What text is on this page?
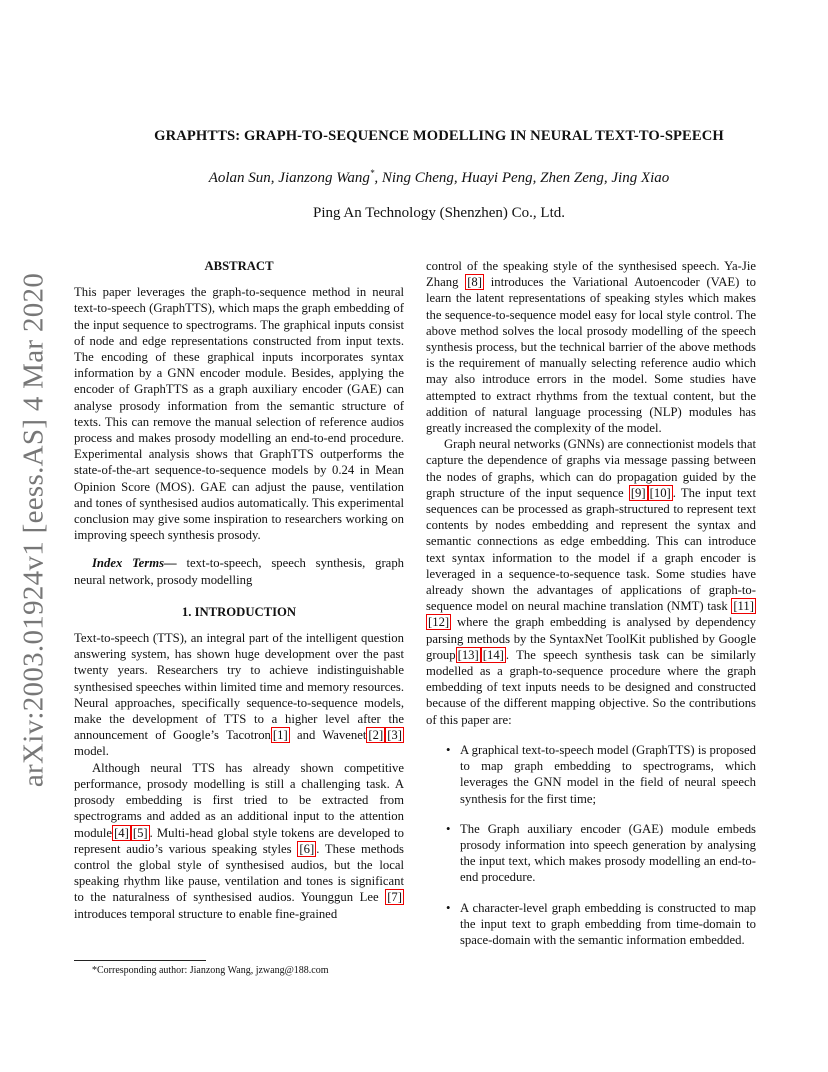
arXiv:2003.01924v1 [eess.AS] 4 Mar 2020
GRAPHTTS: GRAPH-TO-SEQUENCE MODELLING IN NEURAL TEXT-TO-SPEECH
Aolan Sun, Jianzong Wang*, Ning Cheng, Huayi Peng, Zhen Zeng, Jing Xiao
Ping An Technology (Shenzhen) Co., Ltd.
ABSTRACT

This paper leverages the graph-to-sequence method in neural text-to-speech (GraphTTS), which maps the graph embedding of the input sequence to spectrograms. The graphical inputs consist of node and edge representations constructed from input texts. The encoding of these graphical inputs incorporates syntax information by a GNN encoder module. Besides, applying the encoder of GraphTTS as a graph auxiliary encoder (GAE) can analyse prosody information from the semantic structure of texts. This can remove the manual selection of reference audios process and makes prosody modelling an end-to-end procedure. Experimental analysis shows that GraphTTS outperforms the state-of-the-art sequence-to-sequence models by 0.24 in Mean Opinion Score (MOS). GAE can adjust the pause, ventilation and tones of synthesised audios automatically. This experimental conclusion may give some inspiration to researchers working on improving speech synthesis prosody.

Index Terms— text-to-speech, speech synthesis, graph neural network, prosody modelling

1. INTRODUCTION

Text-to-speech (TTS), an integral part of the intelligent question answering system, has shown huge development over the past twenty years. Researchers try to achieve indistinguishable synthesised speeches within limited time and memory resources. Neural approaches, specifically sequence-to-sequence models, make the development of TTS to a higher level after the announcement of Google’s Tacotron [1] and Wavenet [2] [3] model.

Although neural TTS has already shown competitive performance, prosody modelling is still a challenging task. A prosody embedding is first tried to be extracted from spectrograms and added as an additional input to the attention module [4] [5] . Multi-head global style tokens are developed to represent audio’s various speaking styles [6] . These methods control the global style of synthesised audios, but the local speaking rhythm like pause, ventilation and tones is significant to the naturalness of synthesised audios. Younggun Lee [7] introduces temporal structure to enable fine-grained

control of the speaking style of the synthesised speech. Ya-Jie Zhang [8] introduces the Variational Autoencoder (VAE) to learn the latent representations of speaking styles which makes the sequence-to-sequence model easy for local style control. The above method solves the local prosody modelling of the speech synthesis process, but the technical barrier of the above methods is the requirement of manually selecting reference audio which may also introduce errors in the model. Some studies have attempted to extract rhythms from the textual content, but the addition of natural language processing (NLP) modules has greatly increased the complexity of the model.

Graph neural networks (GNNs) are connectionist models that capture the dependence of graphs via message passing between the nodes of graphs, which can do propagation guided by the graph structure of the input sequence [9] [10] . The input text sequences can be processed as graph-structured to represent text contents by nodes embedding and represent the syntax and semantic connections as edge embedding. This can introduce text syntax information to the model if a graph encoder is leveraged in a sequence-to-sequence task. Some studies have already shown the advantages of applications of graph-to-sequence model on neural machine translation (NMT) task [11][12] where the graph embedding is analysed by dependency parsing methods by the SyntaxNet ToolKit published by Google group [13] [14] . The speech synthesis task can be similarly modelled as a graph-to-sequence procedure where the graph embedding of text inputs needs to be designed and constructed because of the different mapping objective. So the contributions of this paper are:

• A graphical text-to-speech model (GraphTTS) is proposed to map graph embedding to spectrograms, which leverages the GNN model in the field of neural speech synthesis for the first time;
• The Graph auxiliary encoder (GAE) module embeds prosody information into speech generation by analysing the input text, which makes prosody modelling an end-to-end procedure.
• A character-level graph embedding is constructed to map the input text to graph embedding from time-domain to space-domain with the semantic information embedded.
*Corresponding author: Jianzong Wang, jzwang@188.com
